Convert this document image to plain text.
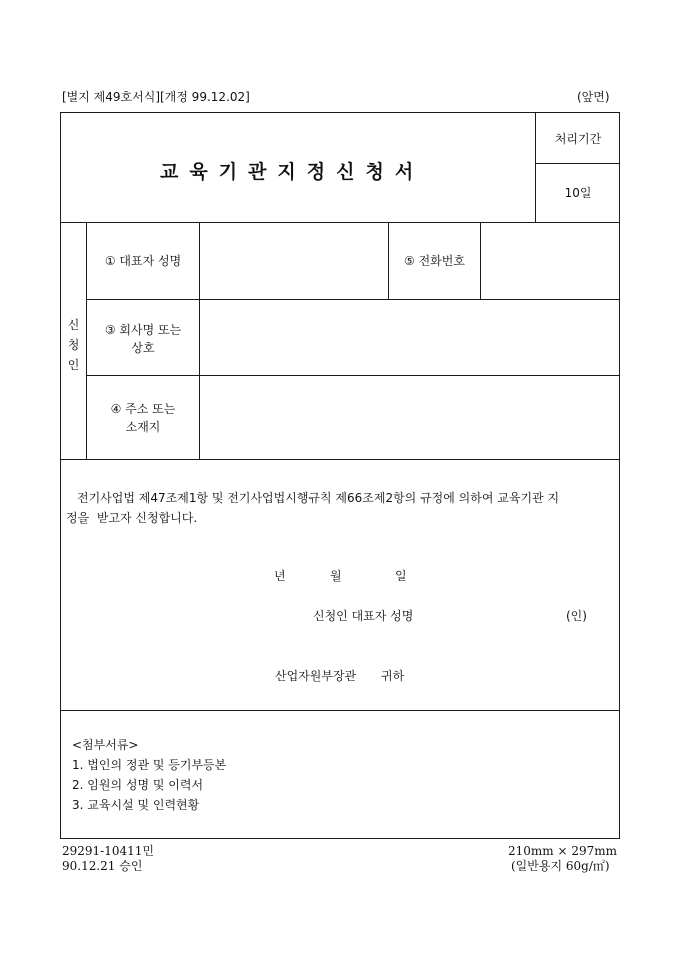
[별지 제49호서식][개정 99.12.02]	(앞면)
교육기관지정신청서
처리기간
10일
신
청
인
① 대표자 성명	⑤ 전화번호
③ 회사명 또는
상호
④ 주소 또는
소재지
전기사업법 제47조제1항 및 전기사업법시행규칙 제66조제2항의 규정에 의하여 교육기관 지
정을  받고자 신청합니다.
년	월	일
신청인 대표자 성명	(인)
산업자원부장관 귀하
<첨부서류>
1. 법인의 정관 및 등기부등본
2. 임원의 성명 및 이력서
3. 교육시설 및 인력현황
29291-10411민
90.12.21 승인
210mm × 297mm
(일반용지 60g/㎡)
